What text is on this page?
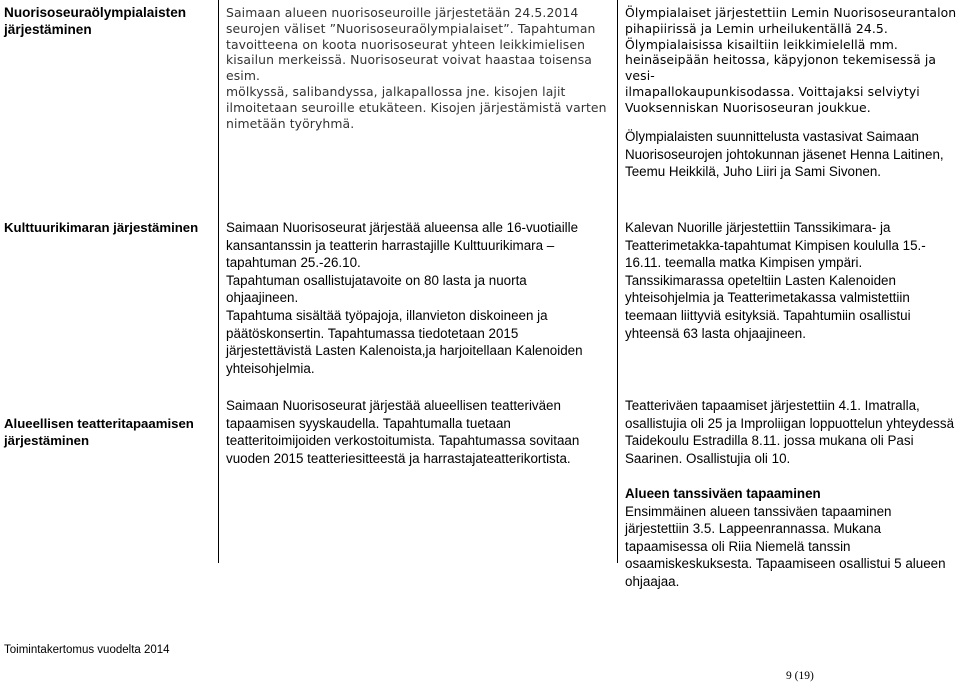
Nuorisoseuraölympialaisten
järjestäminen

Saimaan alueen nuorisoseuroille järjestetään 24.5.2014
seurojen väliset ”Nuorisoseuraölympialaiset”. Tapahtuman
tavoitteena on koota nuorisoseurat yhteen leikkimielisen
kisailun merkeissä. Nuorisoseurat voivat haastaa toisensa esim.
mölkyssä, salibandyssa, jalkapallossa jne. kisojen lajit
ilmoitetaan seuroille etukäteen. Kisojen järjestämistä varten
nimetään työryhmä.

Ölympialaiset järjestettiin Lemin Nuorisoseurantalon
pihapiirissä ja Lemin urheilukentällä 24.5.
Ölympialaisissa kisailtiin leikkimielellä mm.
heinäseipään heitossa, käpyjonon tekemisessä ja vesi-
ilmapallokaupunkisodassa. Voittajaksi selviytyi
Vuoksenniskan Nuorisoseuran joukkue.

Ölympialaisten suunnittelusta vastasivat Saimaan
Nuorisoseurojen johtokunnan jäsenet Henna Laitinen,
Teemu Heikkilä, Juho Liiri ja Sami Sivonen.

Kulttuurikimaran järjestäminen	Saimaan Nuorisoseurat järjestää alueensa alle 16-vuotiaille
kansantanssin ja teatterin harrastajille Kulttuurikimara –
tapahtuman 25.-26.10.
Tapahtuman osallistujatavoite on 80 lasta ja nuorta
ohjaajineen.
Tapahtuma sisältää työpajoja, illanvieton diskoineen ja
päätöskonsertin. Tapahtumassa tiedotetaan 2015
järjestettävistä Lasten Kalenoista,ja harjoitellaan Kalenoiden
yhteisohjelmia.

Kalevan Nuorille järjestettiin Tanssikimara- ja
Teatterimetakka-tapahtumat Kimpisen koululla 15.-
16.11. teemalla matka Kimpisen ympäri.
Tanssikimarassa opeteltiin Lasten Kalenoiden
yhteisohjelmia ja Teatterimetakassa valmistettiin
teemaan liittyviä esityksiä. Tapahtumiin osallistui
yhteensä 63 lasta ohjaajineen.

Alueellisen teatteritapaamisen
järjestäminen

Saimaan Nuorisoseurat järjestää alueellisen teatteriväen
tapaamisen syyskaudella. Tapahtumalla tuetaan
teatteritoimijoiden verkostoitumista. Tapahtumassa sovitaan
vuoden 2015 teatteriesitteestä ja harrastajateatterikortista.

Teatteriväen tapaamiset järjestettiin 4.1. Imatralla,
osallistujia oli 25 ja Improliigan loppuottelun yhteydessä
Taidekoulu Estradilla 8.11. jossa mukana oli Pasi
Saarinen. Osallistujia oli 10.

Alueen tanssiväen tapaaminen

Ensimmäinen alueen tanssiväen tapaaminen
järjestettiin 3.5. Lappeenrannassa. Mukana
tapaamisessa oli Riia Niemelä tanssin
osaamiskeskuksesta. Tapaamiseen osallistui 5 alueen
ohjaajaa.

Toimintakertomus vuodelta 2014
9 (19)
